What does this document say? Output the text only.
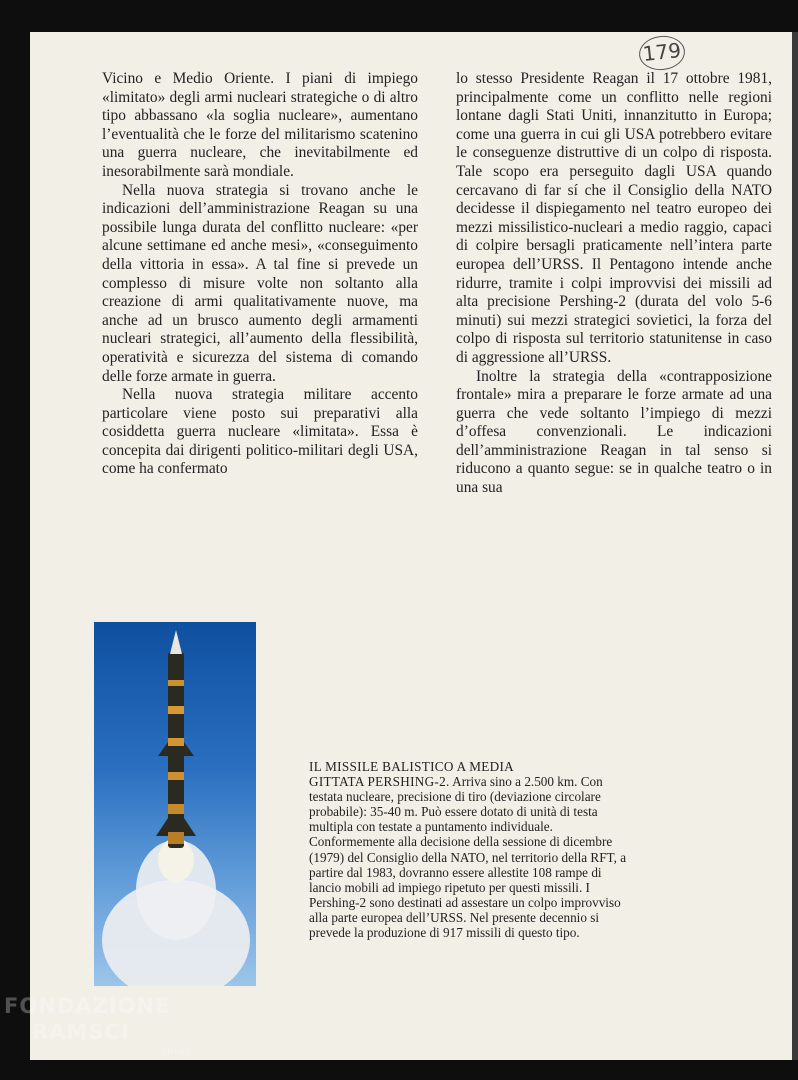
179

Vicino e Medio Oriente. I piani di impiego «limitato» degli armi nucleari strategiche o di altro tipo abbassano «la soglia nucleare», aumentano l’eventualità che le forze del militarismo scatenino una guerra nucleare, che inevitabilmente ed inesorabilmente sarà mondiale.

Nella nuova strategia si trovano anche le indicazioni dell’amministrazione Reagan su una possibile lunga durata del conflitto nucleare: «per alcune settimane ed anche mesi», «conseguimento della vittoria in essa». A tal fine si prevede un complesso di misure volte non soltanto alla creazione di armi qualitativamente nuove, ma anche ad un brusco aumento degli armamenti nucleari strategici, all’aumento della flessibilità, operatività e sicurezza del sistema di comando delle forze armate in guerra.

Nella nuova strategia militare accento particolare viene posto sui preparativi alla cosiddetta guerra nucleare «limitata». Essa è concepita dai dirigenti politico-militari degli USA, come ha confermato

lo stesso Presidente Reagan il 17 ottobre 1981, principalmente come un conflitto nelle regioni lontane dagli Stati Uniti, innanzitutto in Europa; come una guerra in cui gli USA potrebbero evitare le conseguenze distruttive di un colpo di risposta. Tale scopo era perseguito dagli USA quando cercavano di far sí che il Consiglio della NATO decidesse il dispiegamento nel teatro europeo dei mezzi missilistico-nucleari a medio raggio, capaci di colpire bersagli praticamente nell’intera parte europea dell’URSS. Il Pentagono intende anche ridurre, tramite i colpi improvvisi dei missili ad alta precisione Pershing-2 (durata del volo 5-6 minuti) sui mezzi strategici sovietici, la forza del colpo di risposta sul territorio statunitense in caso di aggressione all’URSS.

Inoltre la strategia della «contrapposizione frontale» mira a preparare le forze armate ad una guerra che vede soltanto l’impiego di mezzi d’offesa convenzionali. Le indicazioni dell’amministrazione Reagan in tal senso si riducono a quanto segue: se in qualche teatro o in una sua

IL MISSILE BALISTICO A MEDIA
GITTATA PERSHING-2. Arriva sino a 2.500 km. Con testata nucleare, precisione di tiro (deviazione circolare probabile): 35-40 m. Può essere dotato di unità di testa multipla con testate a puntamento individuale. Conformemente alla decisione della sessione di dicembre (1979) del Consiglio della NATO, nel territorio della RFT, a partire dal 1983, dovranno essere allestite 108 rampe di lancio mobili ad impiego ripetuto per questi missili. I Pershing-2 sono destinati ad assestare un colpo improvviso alla parte europea dell’URSS. Nel presente decennio si prevede la produzione di 917 missili di questo tipo.
FONDAZIONE
RAMSCI
onlus
